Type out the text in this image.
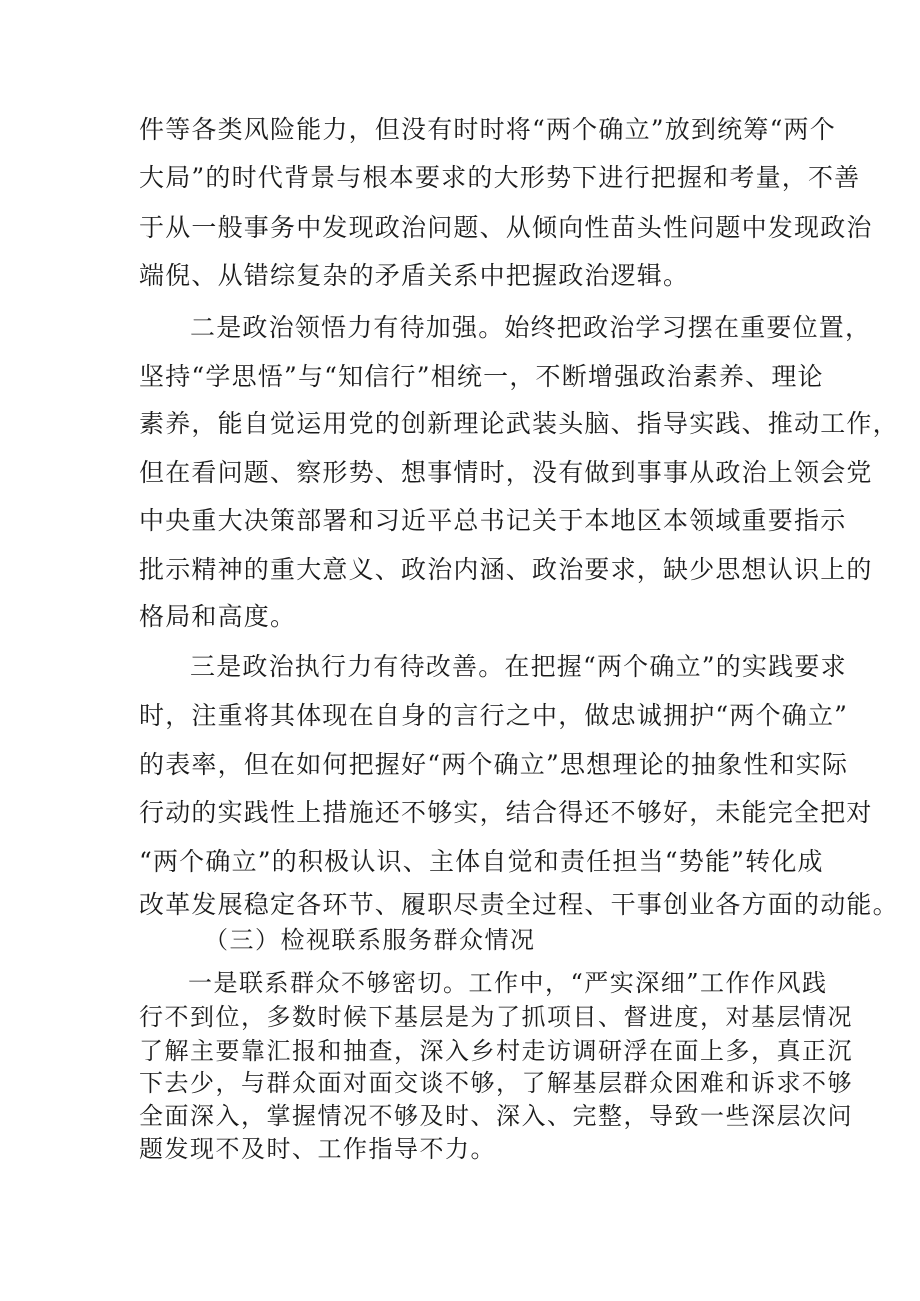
件等各类风险能力，但没有时时将“两个确立”放到统筹“两个
大局”的时代背景与根本要求的大形势下进行把握和考量，不善
于从一般事务中发现政治问题、从倾向性苗头性问题中发现政治
端倪、从错综复杂的矛盾关系中把握政治逻辑。
二是政治领悟力有待加强。始终把政治学习摆在重要位置，
坚持“学思悟”与“知信行”相统一，不断增强政治素养、理论
素养，能自觉运用党的创新理论武装头脑、指导实践、推动工作，
但在看问题、察形势、想事情时，没有做到事事从政治上领会党
中央重大决策部署和习近平总书记关于本地区本领域重要指示
批示精神的重大意义、政治内涵、政治要求，缺少思想认识上的
格局和高度。
三是政治执行力有待改善。在把握“两个确立”的实践要求
时，注重将其体现在自身的言行之中，做忠诚拥护“两个确立”
的表率，但在如何把握好“两个确立”思想理论的抽象性和实际
行动的实践性上措施还不够实，结合得还不够好，未能完全把对
“两个确立”的积极认识、主体自觉和责任担当“势能”转化成
改革发展稳定各环节、履职尽责全过程、干事创业各方面的动能。
（三）检视联系服务群众情况
一是联系群众不够密切。工作中，“严实深细”工作作风践
行不到位，多数时候下基层是为了抓项目、督进度，对基层情况
了解主要靠汇报和抽查，深入乡村走访调研浮在面上多，真正沉
下去少，与群众面对面交谈不够，了解基层群众困难和诉求不够
全面深入，掌握情况不够及时、深入、完整，导致一些深层次问
题发现不及时、工作指导不力。
